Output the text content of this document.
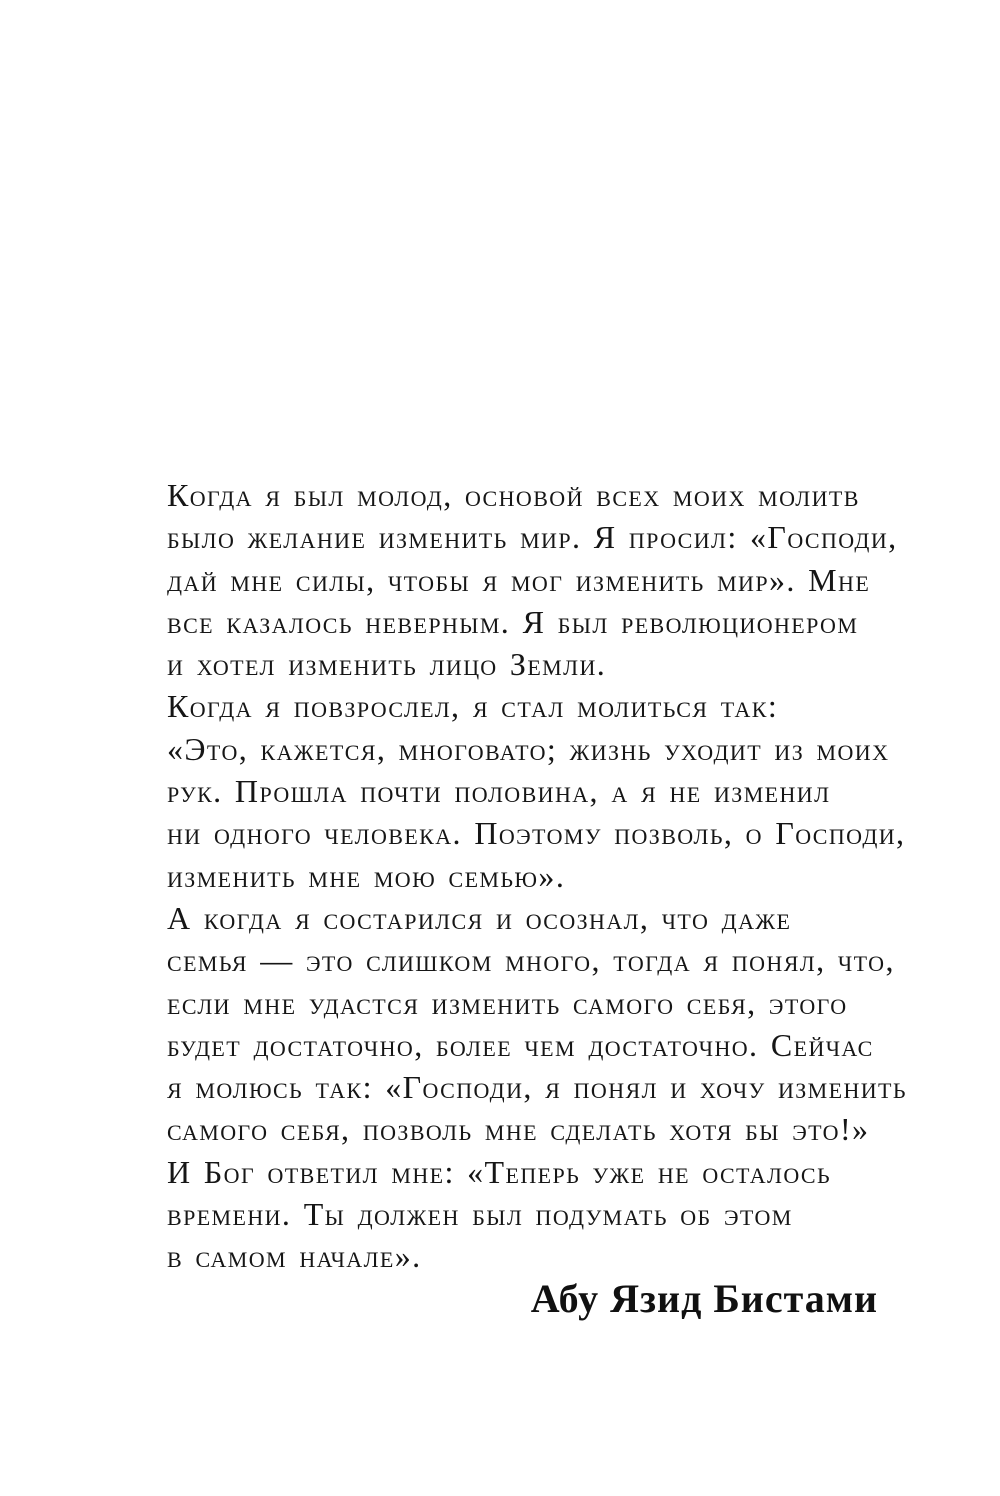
Когда я был молод, основой всех моих молитв
было желание изменить мир. Я просил: «Господи,
дай мне силы, чтобы я мог изменить мир». Мне
все казалось неверным. Я был революционером
и хотел изменить лицо Земли.
Когда я повзрослел, я стал молиться так:
«Это, кажется, многовато; жизнь уходит из моих
рук. Прошла почти половина, а я не изменил
ни одного человека. Поэтому позволь, о Господи,
изменить мне мою семью».
А когда я состарился и осознал, что даже
семья — это слишком много, тогда я понял, что,
если мне удастся изменить самого себя, этого
будет достаточно, более чем достаточно. Сейчас
я молюсь так: «Господи, я понял и хочу изменить
самого себя, позволь мне сделать хотя бы это!»
И Бог ответил мне: «Теперь уже не осталось
времени. Ты должен был подумать об этом
в самом начале».
Абу Язид Бистами
